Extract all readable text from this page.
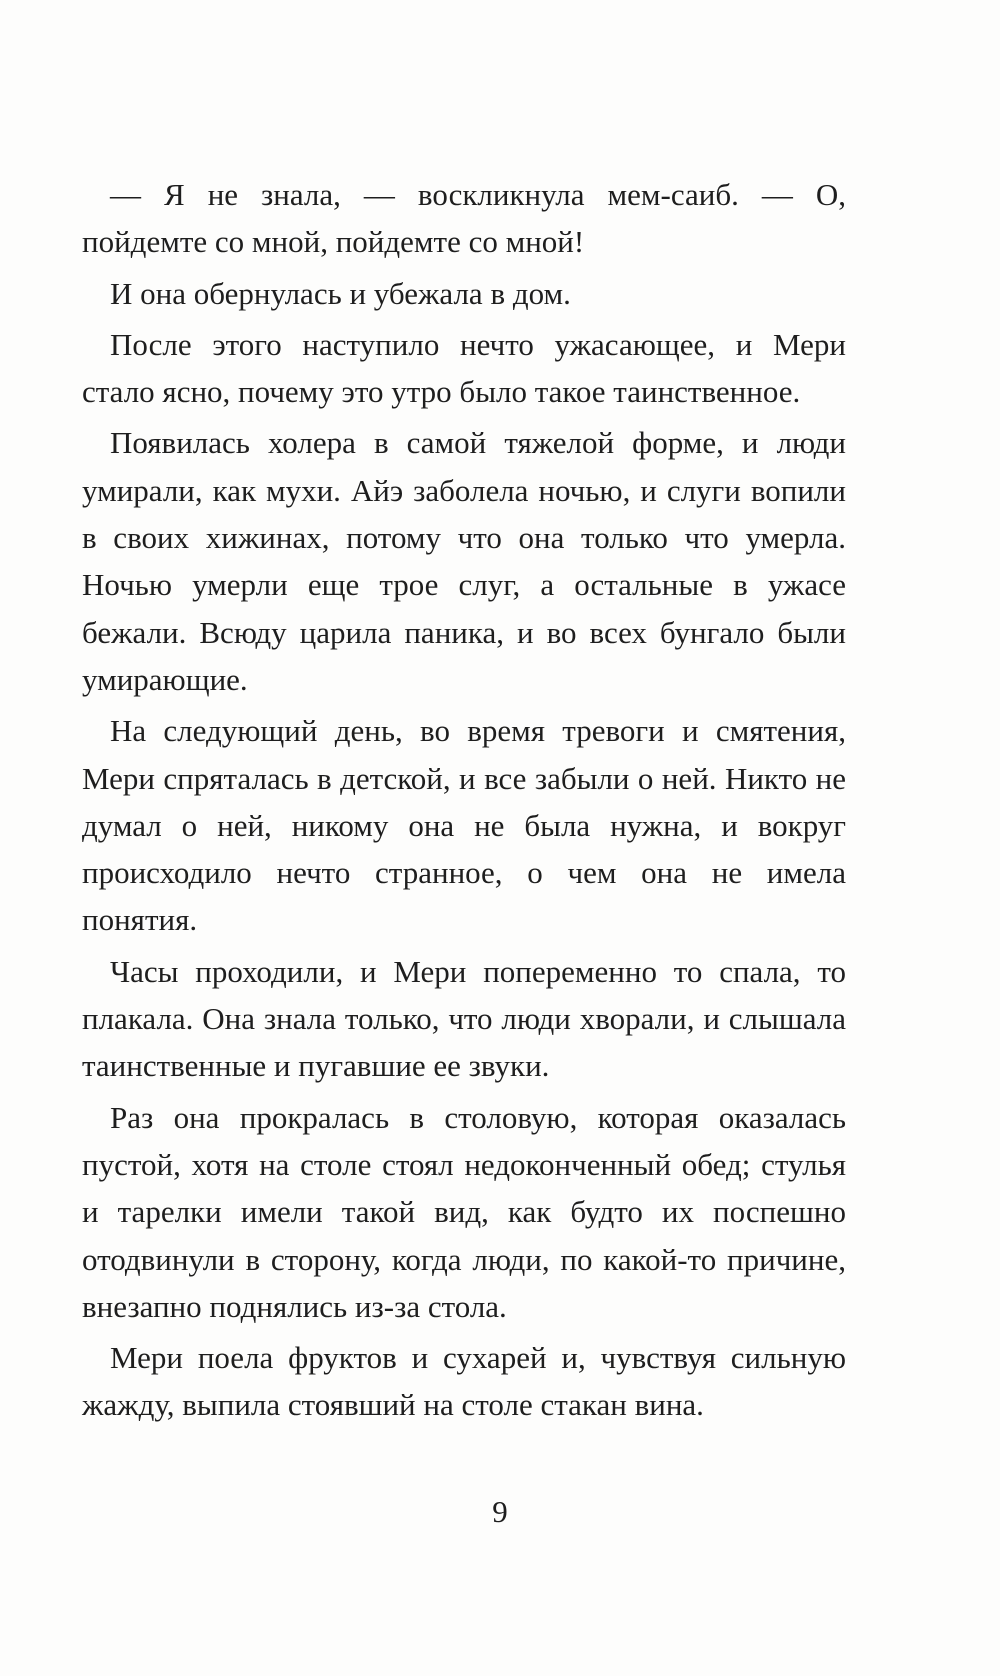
— Я не знала, — воскликнула мем-саиб. — О, пойдемте со мной, пойдемте со мной!

И она обернулась и убежала в дом.

После этого наступило нечто ужасающее, и Мери стало ясно, почему это утро было такое таинственное.

Появилась холера в самой тяжелой форме, и люди умирали, как мухи. Айэ заболела ночью, и слуги вопили в своих хижинах, потому что она только что умерла. Ночью умерли еще трое слуг, а остальные в ужасе бежали. Всюду царила паника, и во всех бунгало были умирающие.

На следующий день, во время тревоги и смятения, Мери спряталась в детской, и все забыли о ней. Никто не думал о ней, никому она не была нужна, и вокруг происходило нечто странное, о чем она не имела понятия.

Часы проходили, и Мери попеременно то спала, то плакала. Она знала только, что люди хворали, и слышала таинственные и пугавшие ее звуки.

Раз она прокралась в столовую, которая оказалась пустой, хотя на столе стоял недоконченный обед; стулья и тарелки имели такой вид, как будто их поспешно отодвинули в сторону, когда люди, по какой-то причине, внезапно поднялись из-за стола.

Мери поела фруктов и сухарей и, чувствуя сильную жажду, выпила стоявший на столе стакан вина.

9
